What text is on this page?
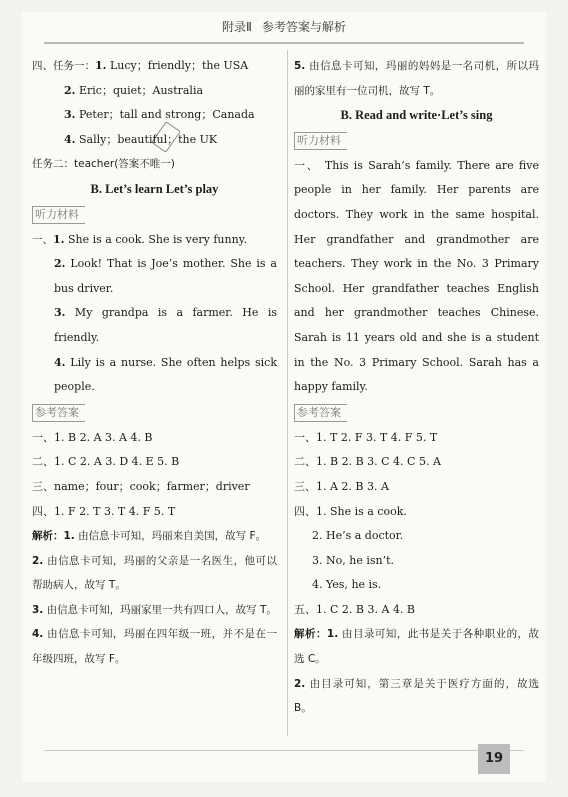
附录Ⅱ 参考答案与解析
四、任务一：1. Lucy；friendly；the USA
2. Eric；quiet；Australia
3. Peter；tall and strong；Canada
4. Sally；beautiful；the UK
任务二：teacher(答案不唯一)
B. Let’s learn Let’s play
听力材料
一、1. She is a cook. She is very funny.
2. Look! That is Joe’s mother. She is a bus driver.
3. My grandpa is a farmer. He is friendly.
4. Lily is a nurse. She often helps sick people.
参考答案
一、1. B 2. A 3. A 4. B
二、1. C 2. A 3. D 4. E 5. B
三、name；four；cook；farmer；driver
四、1. F 2. T 3. T 4. F 5. T
解析：1. 由信息卡可知，玛丽来自美国，故写 F。
2. 由信息卡可知，玛丽的父亲是一名医生，他可以帮助病人，故写 T。
3. 由信息卡可知，玛丽家里一共有四口人，故写 T。
4. 由信息卡可知，玛丽在四年级一班，并不是在一年级四班，故写 F。
5. 由信息卡可知，玛丽的妈妈是一名司机，所以玛丽的家里有一位司机，故写 T。
B. Read and write·Let’s sing
听力材料
一、 This is Sarah’s family. There are five people in her family. Her parents are doctors. They work in the same hospital. Her grandfather and grandmother are teachers. They work in the No. 3 Primary School. Her grandfather teaches English and her grandmother teaches Chinese. Sarah is 11 years old and she is a student in the No. 3 Primary School. Sarah has a happy family.
参考答案
一、1. T 2. F 3. T 4. F 5. T
二、1. B 2. B 3. C 4. C 5. A
三、1. A 2. B 3. A
四、1. She is a cook.
2. He’s a doctor.
3. No, he isn’t.
4. Yes, he is.
五、1. C 2. B 3. A 4. B
解析：1. 由目录可知，此书是关于各种职业的，故选 C。
2. 由目录可知，第三章是关于医疗方面的，故选 B。
19
